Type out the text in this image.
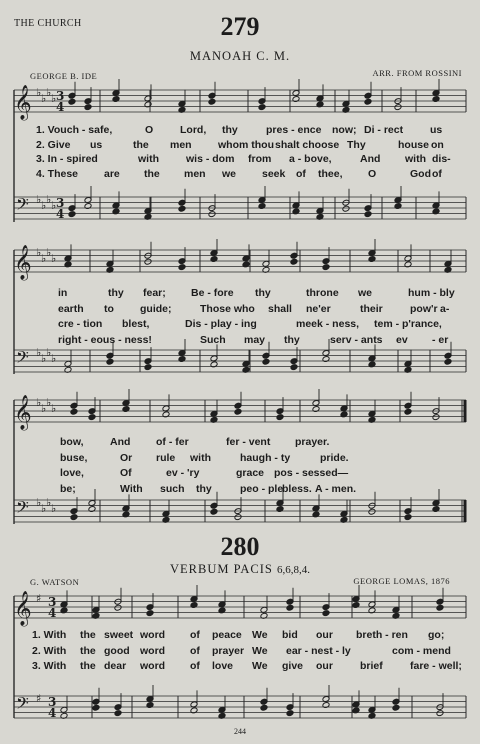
𝄞 ♭ ♭ ♭ ♭ 3
4
𝄢 ♭ ♭ ♭ ♭ 3
4
𝄞 ♭ ♭ ♭ ♭
𝄢 ♭ ♭ ♭ ♭
𝄞 ♭ ♭ ♭ ♭
𝄢 ♭ ♭ ♭ ♭
𝄞 ♯ 3
4
𝄢 ♯ 3
4
THE CHURCH	279
MANOAH C. M.
GEORGE B. IDE	ARR. FROM ROSSINI
1. Vouch - safe,	O	Lord, thy	pres - ence now; Di - rect	us
2. Give us	the men	whom thou shalt choose Thy	house on
3. In - spired	with	wis - dom from a - bove,	And with dis-
4. These are the men we seek of thee, O	God of
in	thy fear; Be - fore thy	throne we	hum - bly
earth to guide;	Those who shall ne'er	their	pow'r a-
cre - tion blest,	Dis - play - ing	meek - ness, tem - p'rance,
right - eous - ness!	Such may thy	serv - ants ev - er
bow,	And of - fer	fer - vent prayer.
buse,	Or rule with	haugh - ty	pride.
love,	Of	ev - 'ry	grace pos - sessed—
be;	With such thy	peo - ple
bless. A - men.
280
VERBUM PACIS 6,6,8,4.
G. WATSON	GEORGE LOMAS, 1876
1. With the sweet word of peace We bid our breth - ren go;
2. With the good word of prayer We ear - nest - ly	com - mend
3. With the dear word of love We give our	brief	fare - well;
244
